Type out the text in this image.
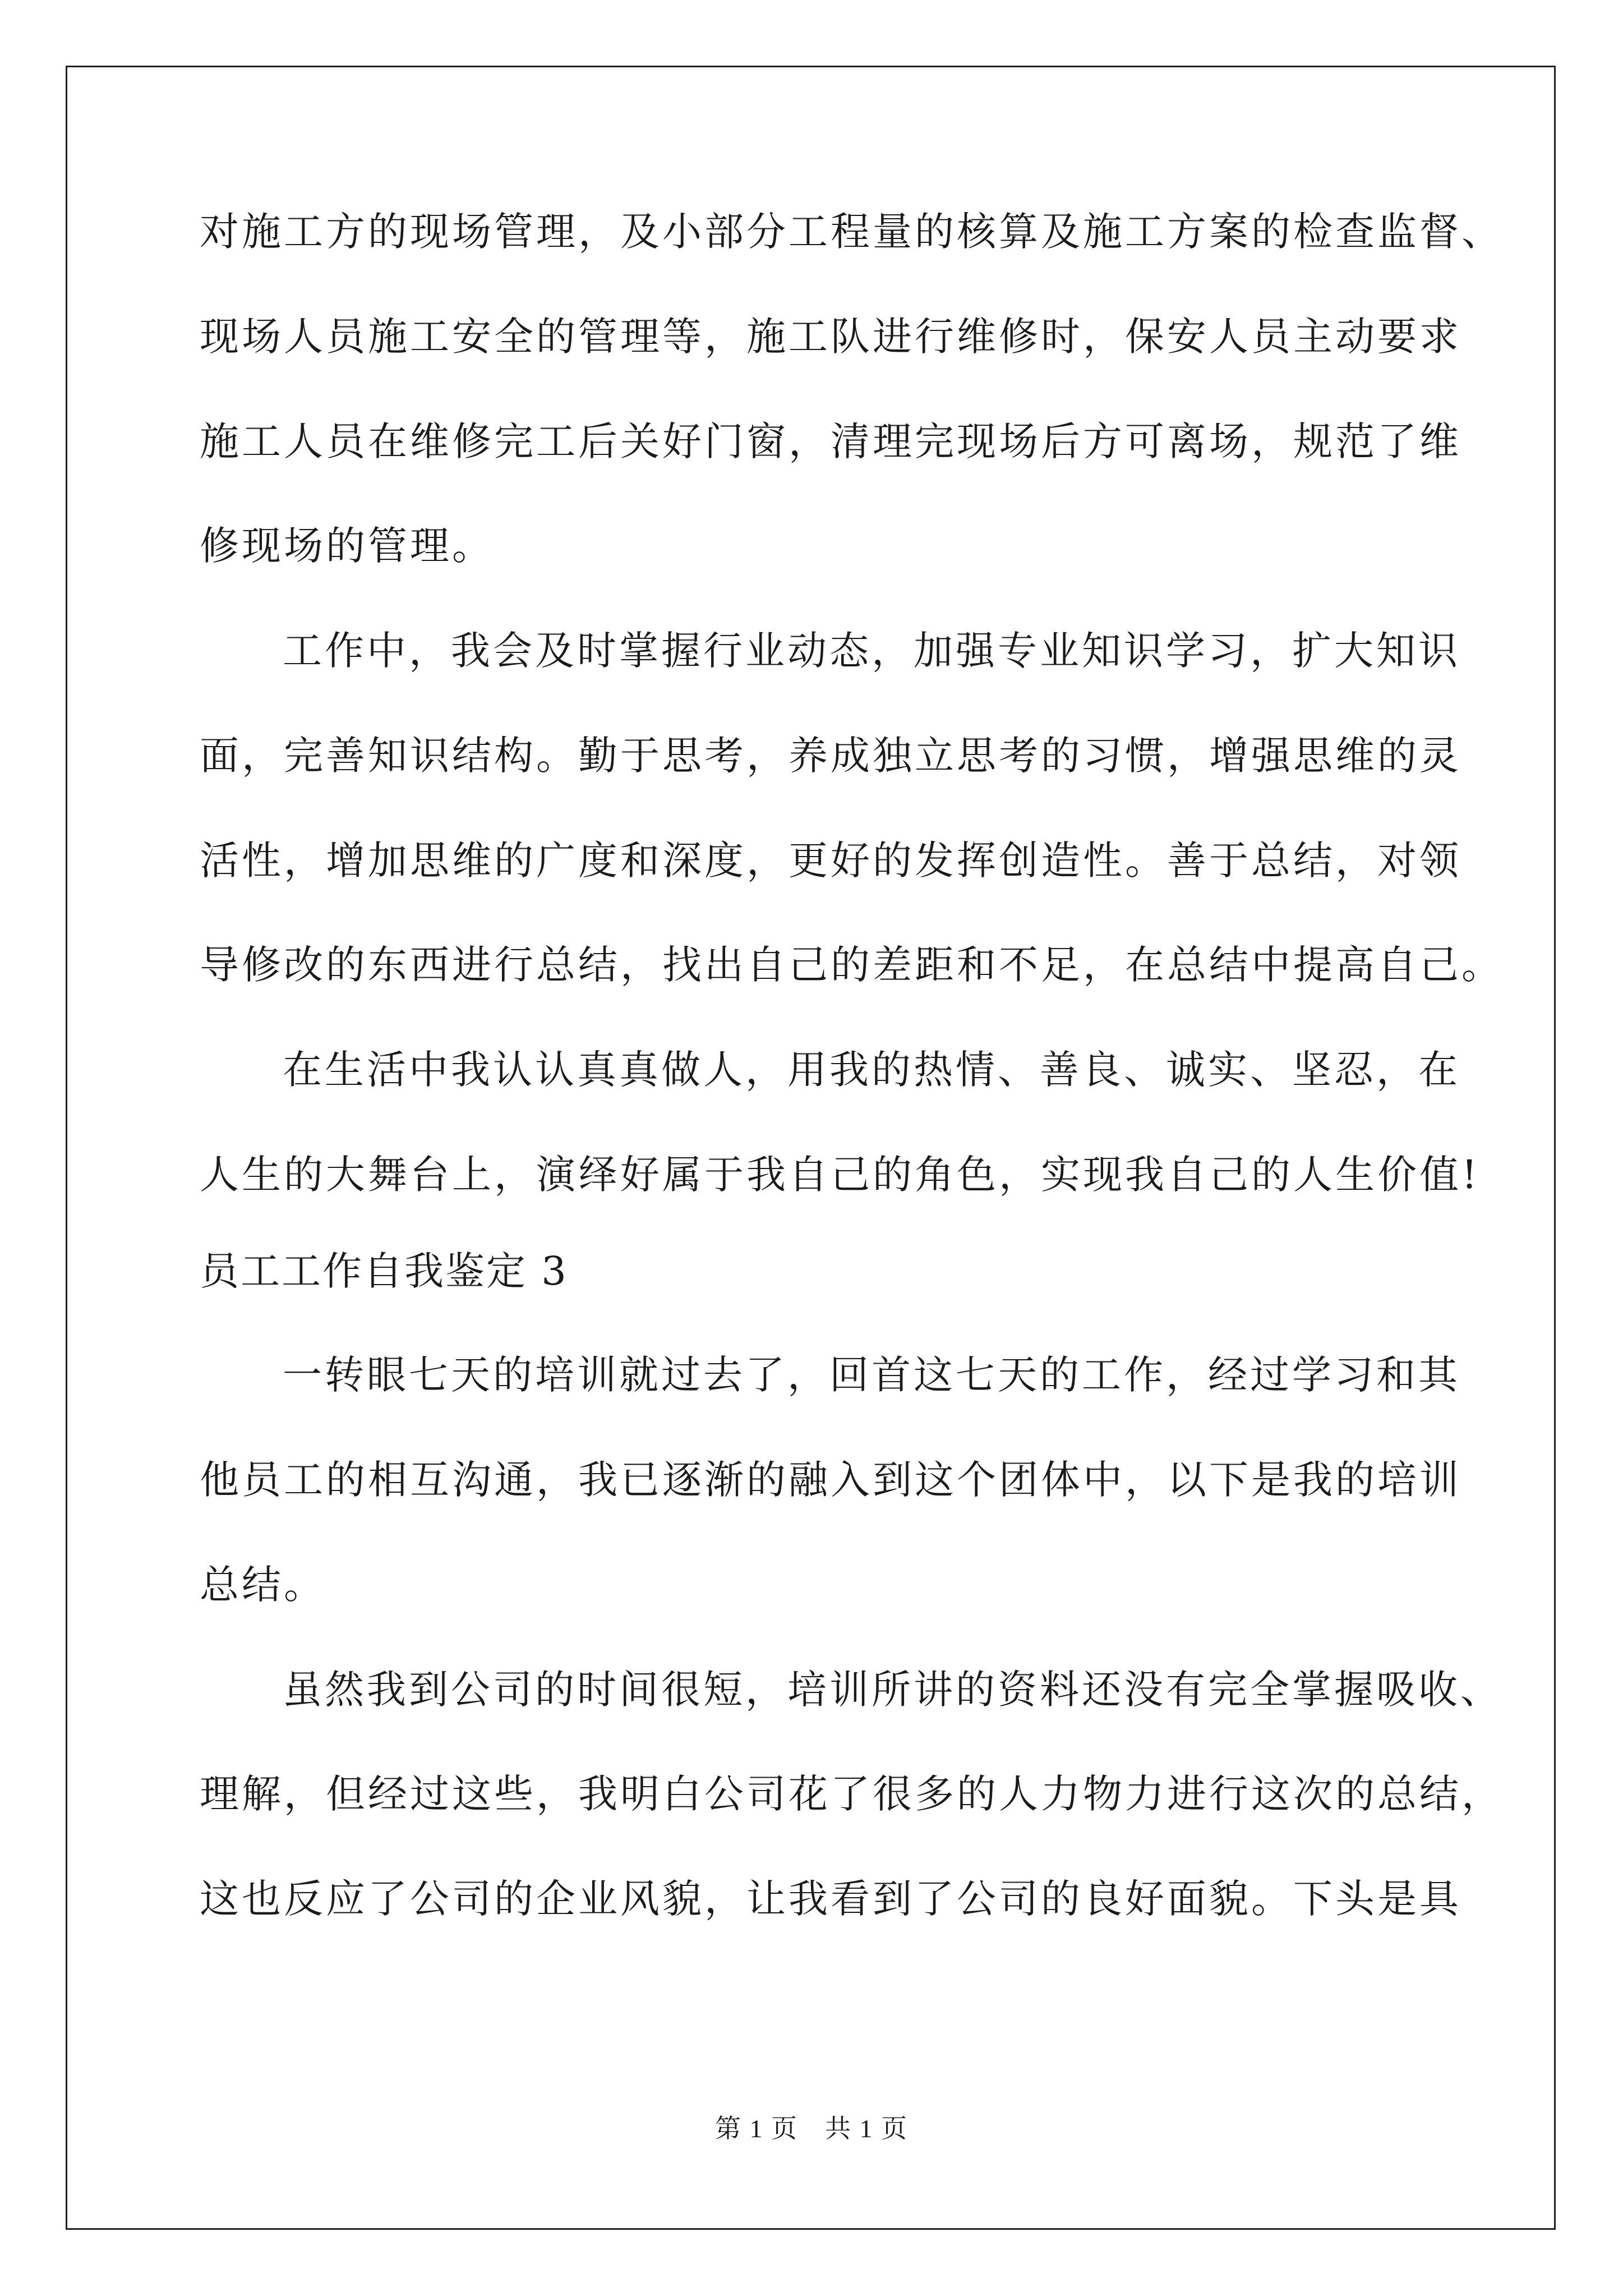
对施工方的现场管理，及小部分工程量的核算及施工方案的检查监督、
现场人员施工安全的管理等，施工队进行维修时，保安人员主动要求
施工人员在维修完工后关好门窗，清理完现场后方可离场，规范了维
修现场的管理。
工作中，我会及时掌握行业动态，加强专业知识学习，扩大知识
面，完善知识结构。勤于思考，养成独立思考的习惯，增强思维的灵
活性，增加思维的广度和深度，更好的发挥创造性。善于总结，对领
导修改的东西进行总结，找出自己的差距和不足，在总结中提高自己。
在生活中我认认真真做人，用我的热情、善良、诚实、坚忍，在
人生的大舞台上，演绎好属于我自己的角色，实现我自己的人生价值!
员工工作自我鉴定 3
一转眼七天的培训就过去了，回首这七天的工作，经过学习和其
他员工的相互沟通，我已逐渐的融入到这个团体中，以下是我的培训
总结。
虽然我到公司的时间很短，培训所讲的资料还没有完全掌握吸收、
理解，但经过这些，我明白公司花了很多的人力物力进行这次的总结，
这也反应了公司的企业风貌，让我看到了公司的良好面貌。下头是具
第 1 页　共 1 页
